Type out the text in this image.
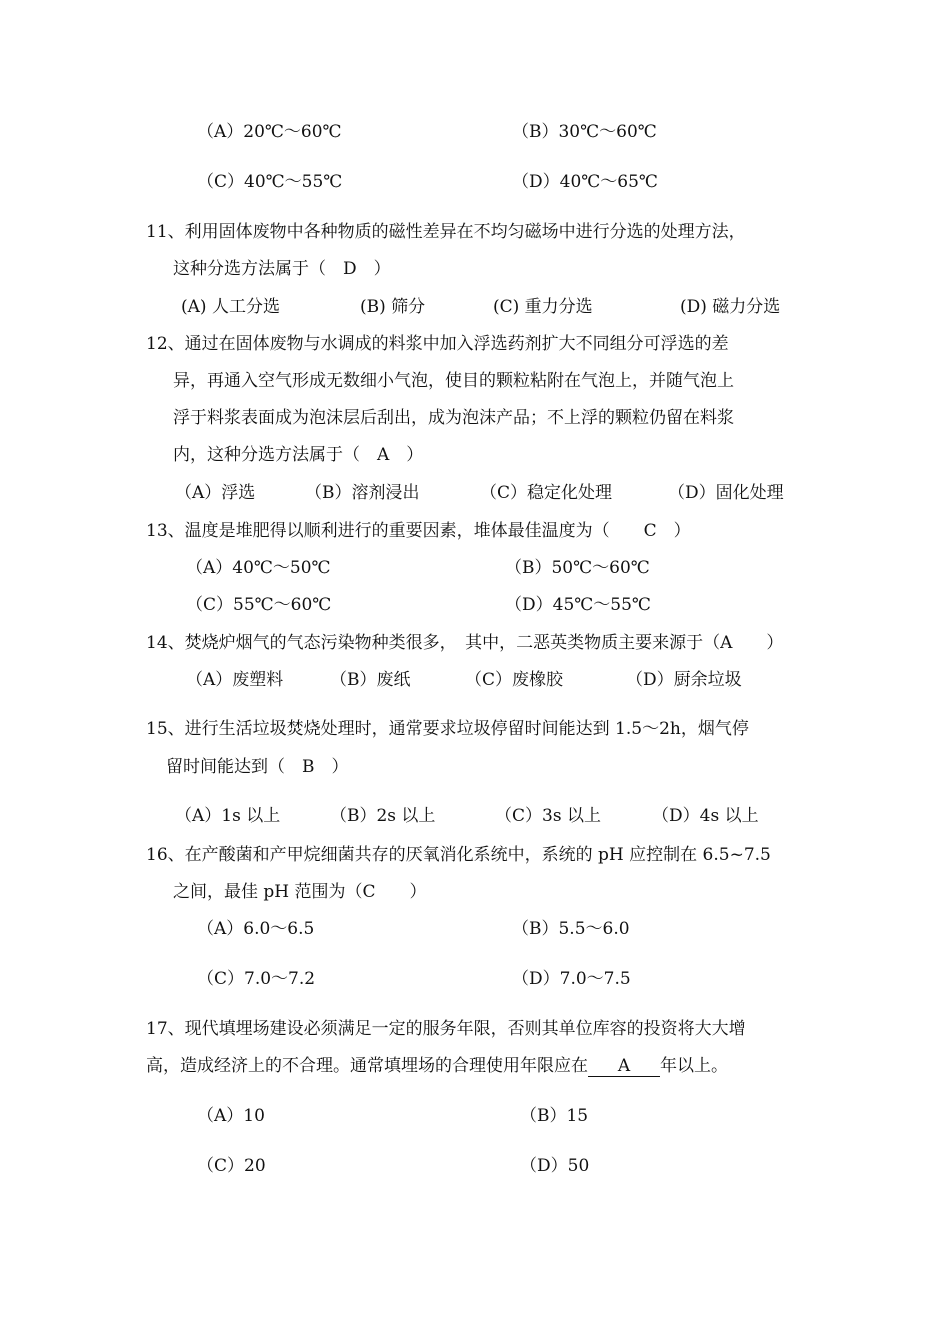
（A）20℃～60℃	（B）30℃～60℃
（C）40℃～55℃	（D）40℃～65℃
11、利用固体废物中各种物质的磁性差异在不均匀磁场中进行分选的处理方法，
这种分选方法属于（　D　）
(A) 人工分选	(B) 筛分	(C) 重力分选	(D) 磁力分选
12、通过在固体废物与水调成的料浆中加入浮选药剂扩大不同组分可浮选的差
异，再通入空气形成无数细小气泡，使目的颗粒粘附在气泡上，并随气泡上
浮于料浆表面成为泡沫层后刮出，成为泡沫产品；不上浮的颗粒仍留在料浆
内，这种分选方法属于（　A　）
（A）浮选	（B）溶剂浸出	（C）稳定化处理	（D）固化处理
13、温度是堆肥得以顺利进行的重要因素，堆体最佳温度为（　　C　）
（A）40℃～50℃	（B）50℃～60℃
（C）55℃～60℃	（D）45℃～55℃
14、焚烧炉烟气的气态污染物种类很多，　其中，二恶英类物质主要来源于（A　　）
（A）废塑料	（B）废纸	（C）废橡胶	（D）厨余垃圾
15、进行生活垃圾焚烧处理时，通常要求垃圾停留时间能达到 1.5～2h，烟气停
留时间能达到（　B　）
（A）1s 以上	（B）2s 以上	（C）3s 以上	（D）4s 以上
16、在产酸菌和产甲烷细菌共存的厌氧消化系统中，系统的 pH 应控制在 6.5~7.5
之间，最佳 pH 范围为（C　　）
（A）6.0～6.5	（B）5.5～6.0
（C）7.0～7.2	（D）7.0～7.5
17、现代填埋场建设必须满足一定的服务年限，否则其单位库容的投资将大大增
高，造成经济上的不合理。通常填埋场的合理使用年限应在 A 年以上。
（A）10	（B）15
（C）20	（D）50
